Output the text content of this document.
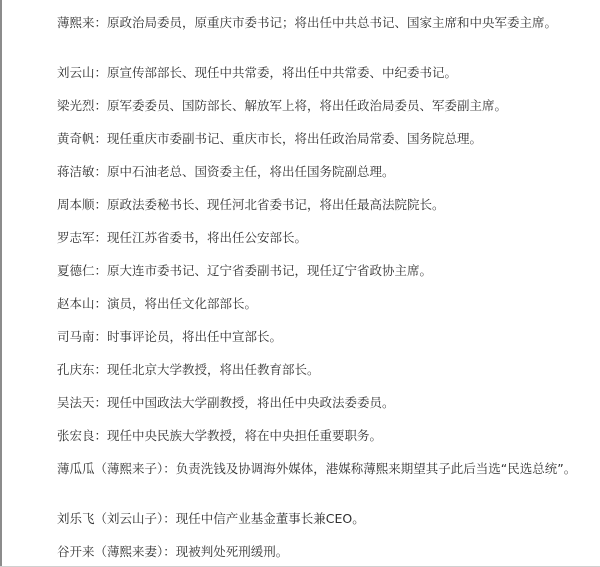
薄熙来：原政治局委员，原重庆市委书记；将出任中共总书记、国家主席和中央军委主席。

刘云山：原宣传部部长、现任中共常委，将出任中共常委、中纪委书记。

梁光烈：原军委委员、国防部长、解放军上将，将出任政治局委员、军委副主席。

黄奇帆：现任重庆市委副书记、重庆市长，将出任政治局常委、国务院总理。

蒋洁敏：原中石油老总、国资委主任，将出任国务院副总理。

周本顺：原政法委秘书长、现任河北省委书记，将出任最高法院院长。

罗志军：现任江苏省委书，将出任公安部长。

夏德仁：原大连市委书记、辽宁省委副书记，现任辽宁省政协主席。

赵本山：演员，将出任文化部部长。

司马南：时事评论员，将出任中宣部长。

孔庆东：现任北京大学教授，将出任教育部长。

吴法天：现任中国政法大学副教授，将出任中央政法委委员。

张宏良：现任中央民族大学教授，将在中央担任重要职务。

薄瓜瓜（薄熙来子）：负责洗钱及协调海外媒体，港媒称薄熙来期望其子此后当选“民选总统”。

刘乐飞（刘云山子）：现任中信产业基金董事长兼CEO。

谷开来（薄熙来妻）：现被判处死刑缓刑。
